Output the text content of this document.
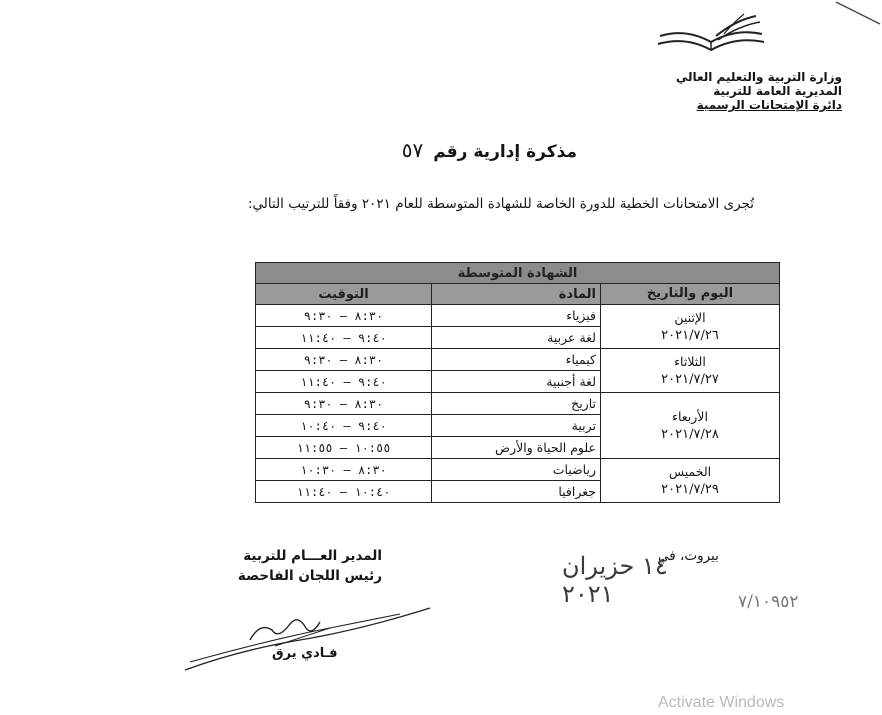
وزارة التربية والتعليم العالي
المديرية العامة للتربية
دائرة الإمتحانات الرسمية
مذكرة إدارية رقم ٥٧
تُجرى الامتحانات الخطية للدورة الخاصة للشهادة المتوسطة للعام ٢٠٢١ وفقاً للترتيب التالي:
الشهادة المتوسطة		
اليوم والتاريخ	المادة	التوقيت

الإثنين
٢٠٢١/٧/٢٦	فيزياء	٨:٣٠ – ٩:٣٠
	لغة عربية	٩:٤٠ – ١١:٤٠

الثلاثاء
٢٠٢١/٧/٢٧	كيمياء	٨:٣٠ – ٩:٣٠
	لغة أجنبية	٩:٤٠ – ١١:٤٠

الأربعاء
٢٠٢١/٧/٢٨	تاريخ	٨:٣٠ – ٩:٣٠
	تربية	٩:٤٠ – ١٠:٤٠
	علوم الحياة والأرض	١٠:٥٥ – ١١:٥٥

الخميس
٢٠٢١/٧/٢٩	رياضيات	٨:٣٠ – ١٠:٣٠
	جغرافيا	١٠:٤٠ – ١١:٤٠
بيروت، في
١٤ حزيران ٢٠٢١	٧/١٠٩٥٢
المدير العـــام للتربية
رئيس اللجان الفاحصة
فـادي يرق
Activate Windows
